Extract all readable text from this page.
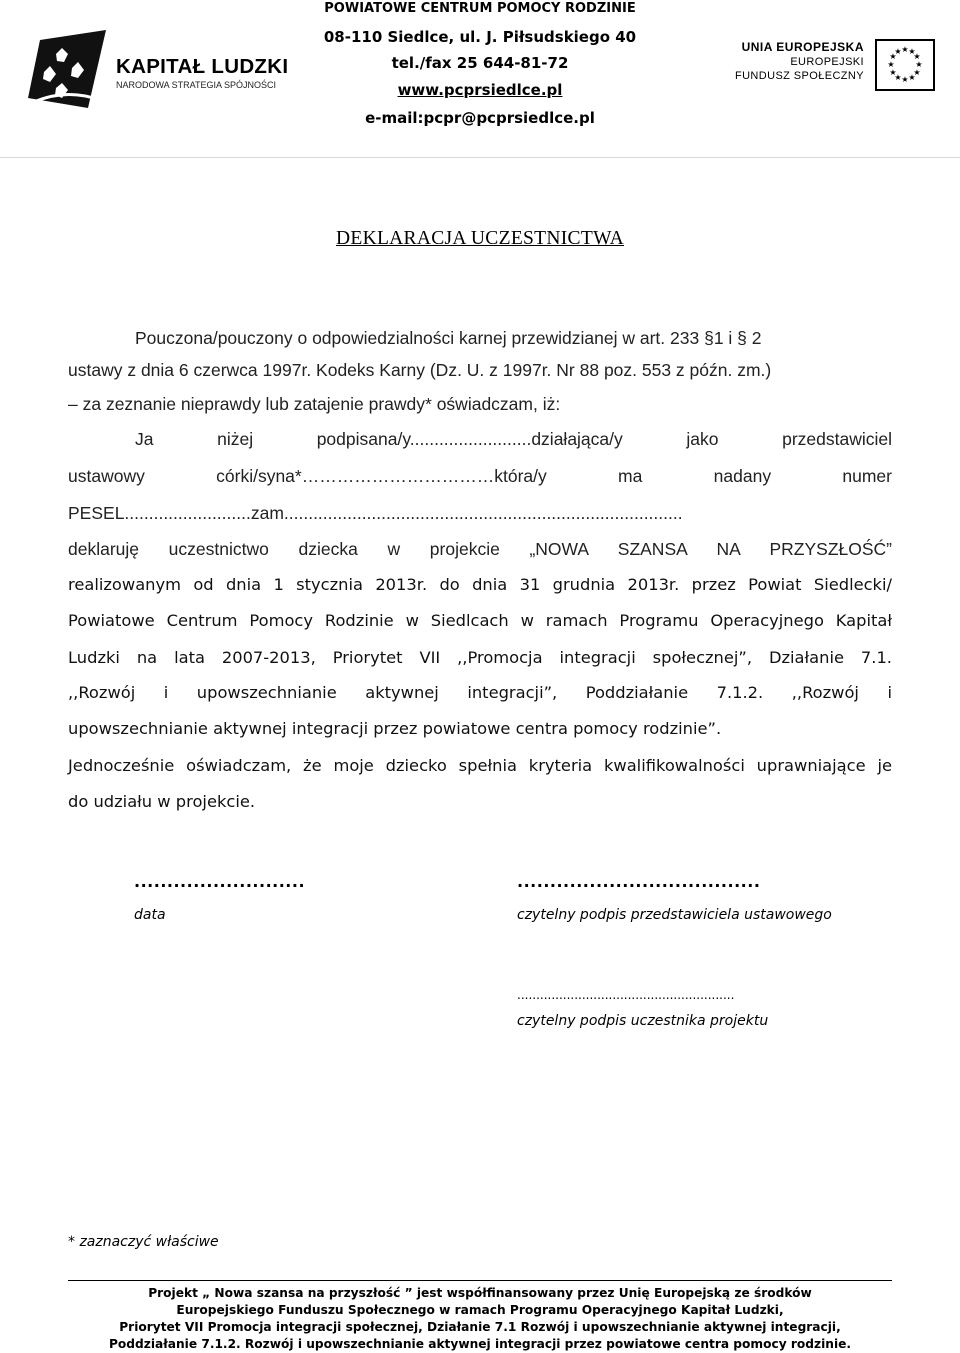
KAPITAŁ LUDZKI
NARODOWA STRATEGIA SPÓJNOŚCI
POWIATOWE CENTRUM POMOCY RODZINIE
08-110 Siedlce, ul. J. Piłsudskiego 40
tel./fax 25 644-81-72
www.pcprsiedlce.pl
e-mail:pcpr@pcprsiedlce.pl
UNIA EUROPEJSKA
EUROPEJSKI
FUNDUSZ SPOŁECZNY
★ ★
★
★
★
★
★
★
★
★
★
★
DEKLARACJA UCZESTNICTWA
Pouczona/pouczony o odpowiedzialności karnej przewidzianej w art. 233 §1 i § 2
ustawy z dnia 6 czerwca 1997r. Kodeks Karny (Dz. U. z 1997r. Nr 88 poz. 553 z późn. zm.)
– za zeznanie nieprawdy lub zatajenie prawdy* oświadczam, iż:
Ja niżej podpisana/y.........................działająca/y jako przedstawiciel
ustawowy córki/syna*……………………………która/y ma nadany numer
PESEL..........................zam..................................................................................
deklaruję uczestnictwo dziecka w projekcie „NOWA SZANSA NA PRZYSZŁOŚĆ”
realizowanym od dnia 1 stycznia 2013r. do dnia 31 grudnia 2013r. przez Powiat Siedlecki/
Powiatowe Centrum Pomocy Rodzinie w Siedlcach w ramach Programu Operacyjnego Kapitał
Ludzki na lata 2007-2013, Priorytet VII ,,Promocja integracji społecznej”, Działanie 7.1.
,,Rozwój i upowszechnianie aktywnej integracji”, Poddziałanie 7.1.2. ,,Rozwój i
upowszechnianie aktywnej integracji przez powiatowe centra pomocy rodzinie”.
Jednocześnie oświadczam, że moje dziecko spełnia kryteria kwalifikowalności uprawniające je
do udziału w projekcie.
..........................
data
.....................................
czytelny podpis przedstawiciela ustawowego
.........................................................
czytelny podpis uczestnika projektu
* zaznaczyć właściwe
Projekt „ Nowa szansa na przyszłość ” jest współfinansowany przez Unię Europejską ze środków
Europejskiego Funduszu Społecznego w ramach Programu Operacyjnego Kapitał Ludzki,
Priorytet VII Promocja integracji społecznej, Działanie 7.1 Rozwój i upowszechnianie aktywnej integracji,
Poddziałanie 7.1.2. Rozwój i upowszechnianie aktywnej integracji przez powiatowe centra pomocy rodzinie.
